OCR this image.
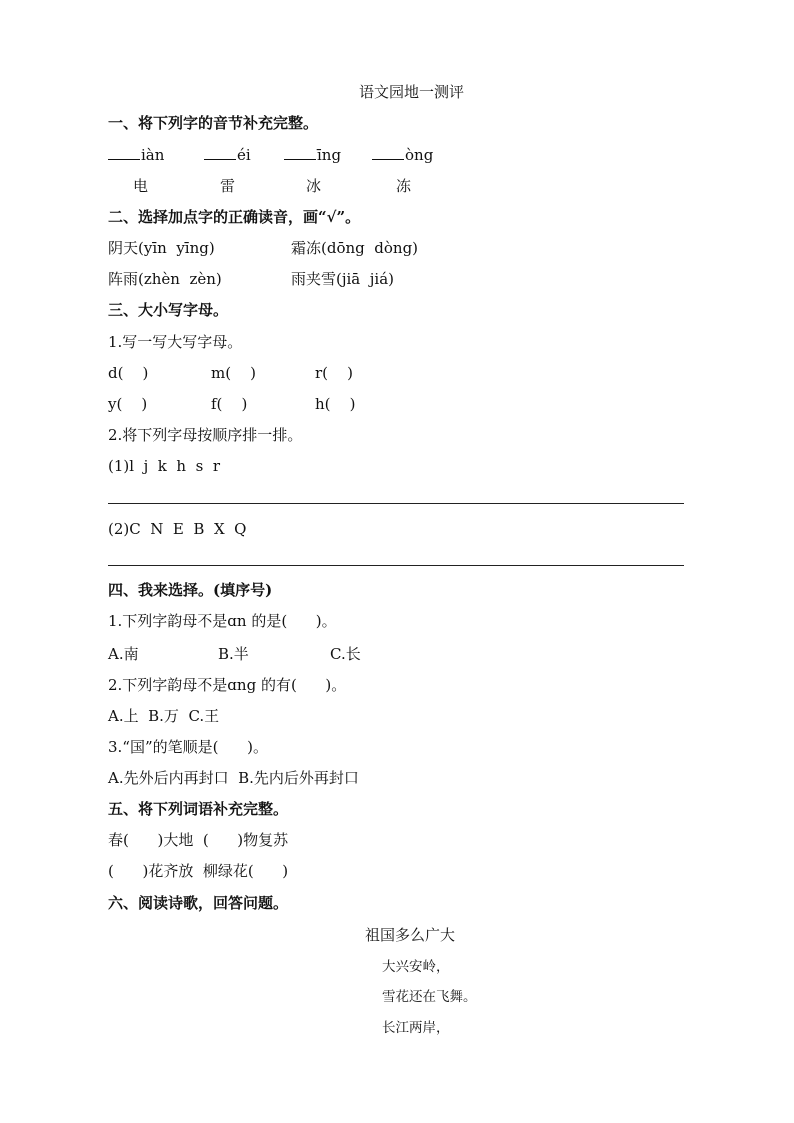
语文园地一测评
一、将下列字的音节补充完整。
iàn	éi	īng	òng
电	雷	冰	冻
二、选择加点字的正确读音，画“√”。
阴天(yīn  yīng)	霜冻(dōng  dòng)
阵雨(zhèn  zèn)	雨夹雪(jiā  jiá)
三、大小写字母。
1.写一写大写字母。
d(    )	m(    )	r(    )
y(    )	f(    )	h(    )
2.将下列字母按顺序排一排。
(1)l  j  k  h  s  r
(2)C  N  E  B  X  Q
四、我来选择。(填序号)
1.下列字韵母不是ɑn 的是(      )。
A.南	B.半	C.长
2.下列字韵母不是ɑng 的有(      )。
A.上  B.万  C.王
3.“国”的笔顺是(      )。
A.先外后内再封口  B.先内后外再封口
五、将下列词语补充完整。
春(      )大地  (      )物复苏
(      )花齐放  柳绿花(      )
六、阅读诗歌，回答问题。
祖国多么广大
大兴安岭，
雪花还在飞舞。
长江两岸，
